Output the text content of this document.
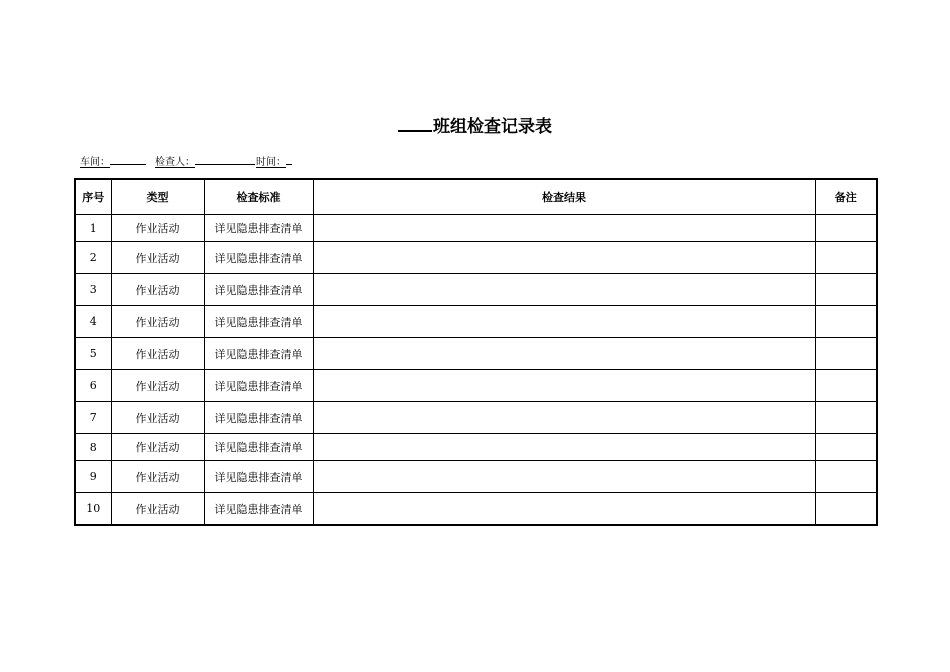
班组检查记录表
车间：	检查人：	时间：
序号	类型	检查标准	检查结果	备注
1	作业活动	详见隐患排查清单		
2	作业活动	详见隐患排查清单		
3	作业活动	详见隐患排查清单		
4	作业活动	详见隐患排查清单		
5	作业活动	详见隐患排查清单		
6	作业活动	详见隐患排查清单		
7	作业活动	详见隐患排查清单		
8	作业活动	详见隐患排查清单		
9	作业活动	详见隐患排查清单		
10	作业活动	详见隐患排查清单		
